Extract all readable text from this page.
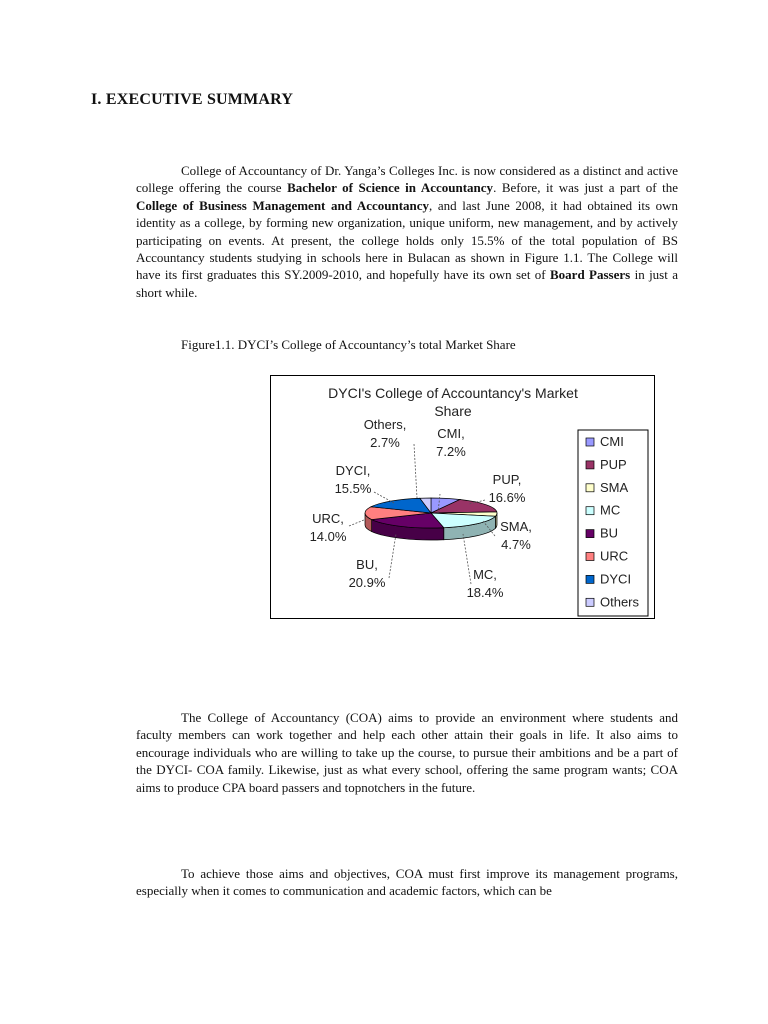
I. EXECUTIVE SUMMARY
College of Accountancy of Dr. Yanga’s Colleges Inc. is now considered as a distinct and active college offering the course Bachelor of Science in Accountancy. Before, it was just a part of the College of Business Management and Accountancy, and last June 2008, it had obtained its own identity as a college, by forming new organization, unique uniform, new management, and by actively participating on events. At present, the college holds only 15.5% of the total population of BS Accountancy students studying in schools here in Bulacan as shown in Figure 1.1. The College will have its first graduates this SY.2009-2010, and hopefully have its own set of Board Passers in just a short while.
Figure1.1. DYCI’s College of Accountancy’s total Market Share
DYCI's College of Accountancy's Market
Share
CMI,
7.2%
PUP,
16.6%
SMA,
4.7%
MC,
18.4%
BU,
20.9%
URC,
14.0%
DYCI,
15.5%
Others,
2.7%	CMI
PUP
SMA
MC
BU
URC
DYCI
Others
The College of Accountancy (COA) aims to provide an environment where students and faculty members can work together and help each other attain their goals in life. It also aims to encourage individuals who are willing to take up the course, to pursue their ambitions and be a part of the DYCI- COA family. Likewise, just as what every school, offering the same program wants; COA aims to produce CPA board passers and topnotchers in the future.
To achieve those aims and objectives, COA must first improve its management programs, especially when it comes to communication and academic factors, which can be
